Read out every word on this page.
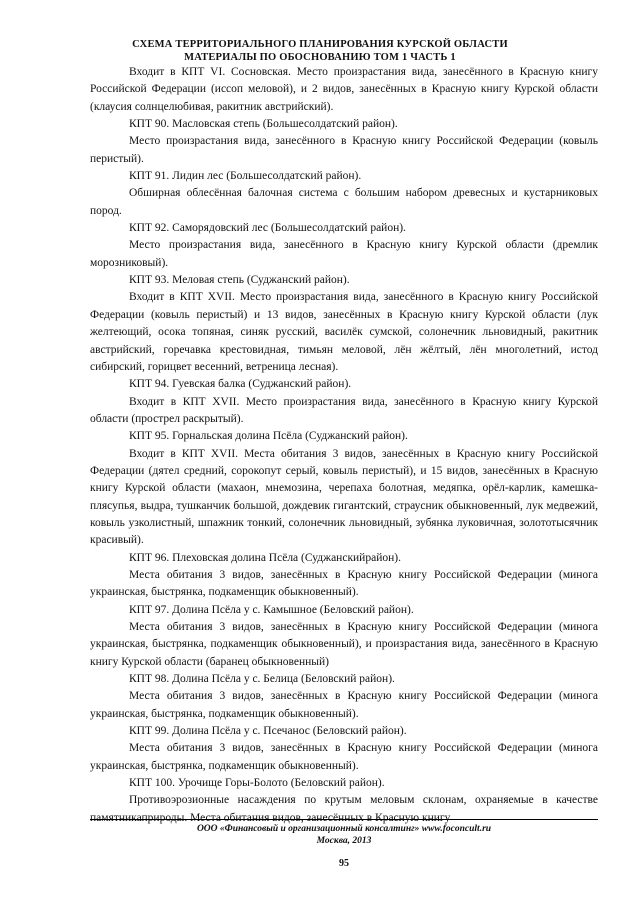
СХЕМА ТЕРРИТОРИАЛЬНОГО ПЛАНИРОВАНИЯ КУРСКОЙ ОБЛАСТИ
МАТЕРИАЛЫ ПО ОБОСНОВАНИЮ ТОМ 1 ЧАСТЬ 1

Входит в КПТ VI. Сосновская. Место произрастания вида, занесённого в Красную книгу Российской Федерации (иссоп меловой), и 2 видов, занесённых в Красную книгу Курской области (клаусия солнцелюбивая, ракитник австрийский).

КПТ 90. Масловская степь (Большесолдатский район).

Место произрастания вида, занесённого в Красную книгу Российской Федерации (ковыль перистый).

КПТ 91. Лидин лес (Большесолдатский район).

Обширная облесённая балочная система с большим набором древесных и кустарниковых пород.

КПТ 92. Саморядовский лес (Большесолдатский район).

Место произрастания вида, занесённого в Красную книгу Курской области (дремлик морозниковый).

КПТ 93. Меловая степь (Суджанский район).

Входит в КПТ XVII. Место произрастания вида, занесённого в Красную книгу Российской Федерации (ковыль перистый) и 13 видов, занесённых в Красную книгу Курской области (лук желтеющий, осока топяная, синяк русский, василёк сумской, солонечник льновидный, ракитник австрийский, горечавка крестовидная, тимьян меловой, лён жёлтый, лён многолетний, истод сибирский, горицвет весенний, ветреница лесная).

КПТ 94. Гуевская балка (Суджанский район).

Входит в КПТ XVII. Место произрастания вида, занесённого в Красную книгу Курской области (прострел раскрытый).

КПТ 95. Горнальская долина Псёла (Суджанский район).

Входит в КПТ XVII. Места обитания 3 видов, занесённых в Красную книгу Российской Федерации (дятел средний, сорокопут серый, ковыль перистый), и 15 видов, занесённых в Красную книгу Курской области (махаон, мнемозина, черепаха болотная, медяпка, орёл-карлик, камешка-плясупья, выдра, тушканчик большой, дождевик гигантский, страусник обыкновенный, лук медвежий, ковыль узколистный, шпажник тонкий, солонечник льновидный, зубянка луковичная, золототысячник красивый).

КПТ 96. Плеховская долина Псёла (Суджанскийрайон).

Места обитания 3 видов, занесённых в Красную книгу Российской Федерации (минога украинская, быстрянка, подкаменщик обыкновенный).

КПТ 97. Долина Псёла у с. Камышное (Беловский район).

Места обитания 3 видов, занесённых в Красную книгу Российской Федерации (минога украинская, быстрянка, подкаменщик обыкновенный), и произрастания вида, занесённого в Красную книгу Курской области (баранец обыкновенный)

КПТ 98. Долина Псёла у с. Белица (Беловский район).

Места обитания 3 видов, занесённых в Красную книгу Российской Федерации (минога украинская, быстрянка, подкаменщик обыкновенный).

КПТ 99. Долина Псёла у с. Псечанос (Беловский район).

Места обитания 3 видов, занесённых в Красную книгу Российской Федерации (минога украинская, быстрянка, подкаменщик обыкновенный).

КПТ 100. Урочище Горы-Болото (Беловский район).

Противоэрозионные насаждения по крутым меловым склонам, охраняемые в качестве памятникаприроды. Места обитания видов, занесённых в Красную книгу

ООО «Финансовый и организационный консалтинг» www.foconcult.ru
Москва, 2013
95
